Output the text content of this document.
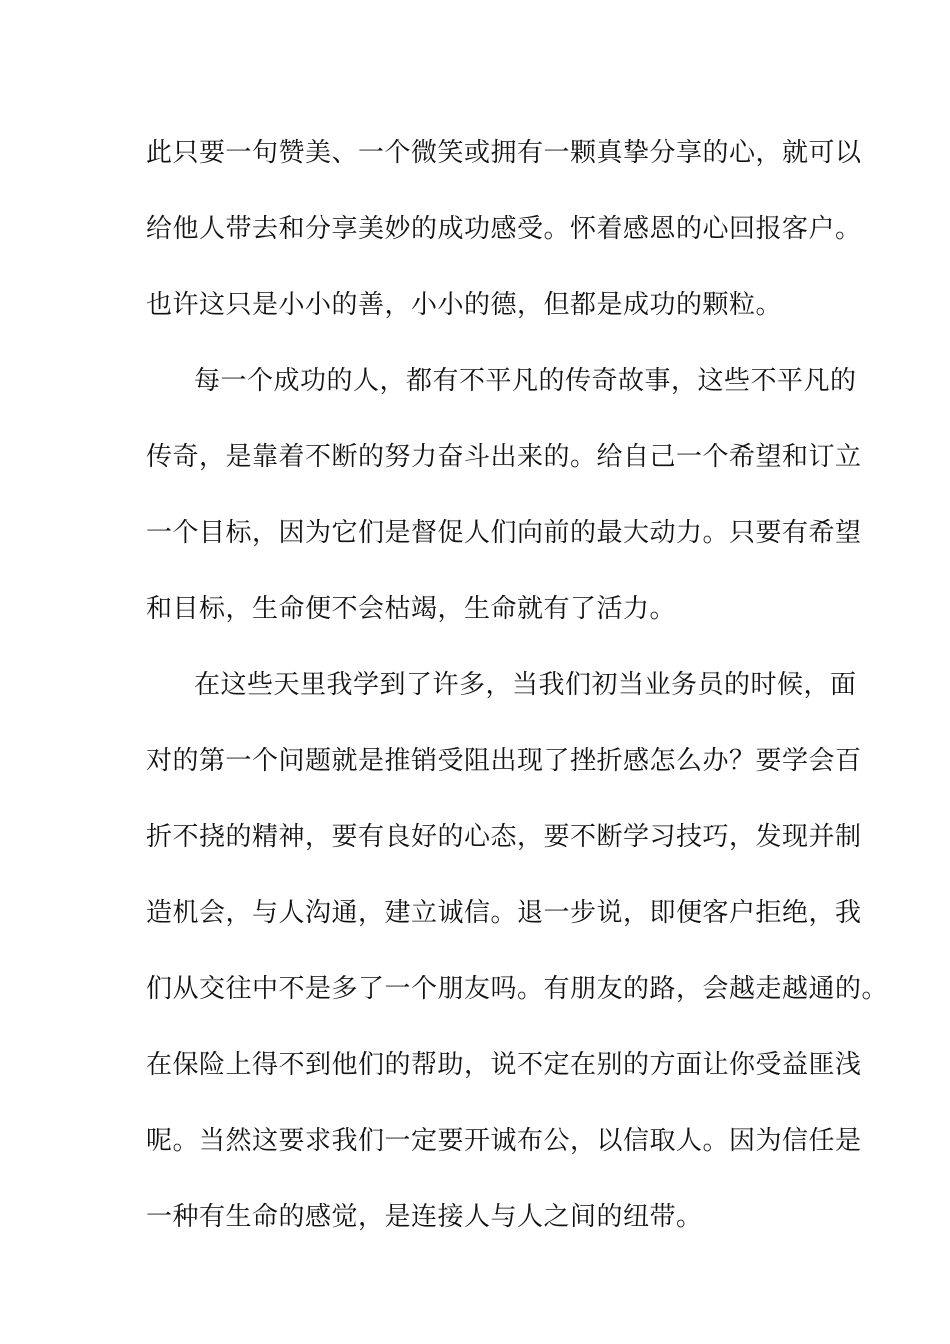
此只要一句赞美、一个微笑或拥有一颗真挚分享的心，就可以
给他人带去和分享美妙的成功感受。怀着感恩的心回报客户。
也许这只是小小的善，小小的德，但都是成功的颗粒。
每一个成功的人，都有不平凡的传奇故事，这些不平凡的
传奇，是靠着不断的努力奋斗出来的。给自己一个希望和订立
一个目标，因为它们是督促人们向前的最大动力。只要有希望
和目标，生命便不会枯竭，生命就有了活力。
在这些天里我学到了许多，当我们初当业务员的时候，面
对的第一个问题就是推销受阻出现了挫折感怎么办？要学会百
折不挠的精神，要有良好的心态，要不断学习技巧，发现并制
造机会，与人沟通，建立诚信。退一步说，即便客户拒绝，我
们从交往中不是多了一个朋友吗。有朋友的路，会越走越通的。
在保险上得不到他们的帮助，说不定在别的方面让你受益匪浅
呢。当然这要求我们一定要开诚布公，以信取人。因为信任是
一种有生命的感觉，是连接人与人之间的纽带。
